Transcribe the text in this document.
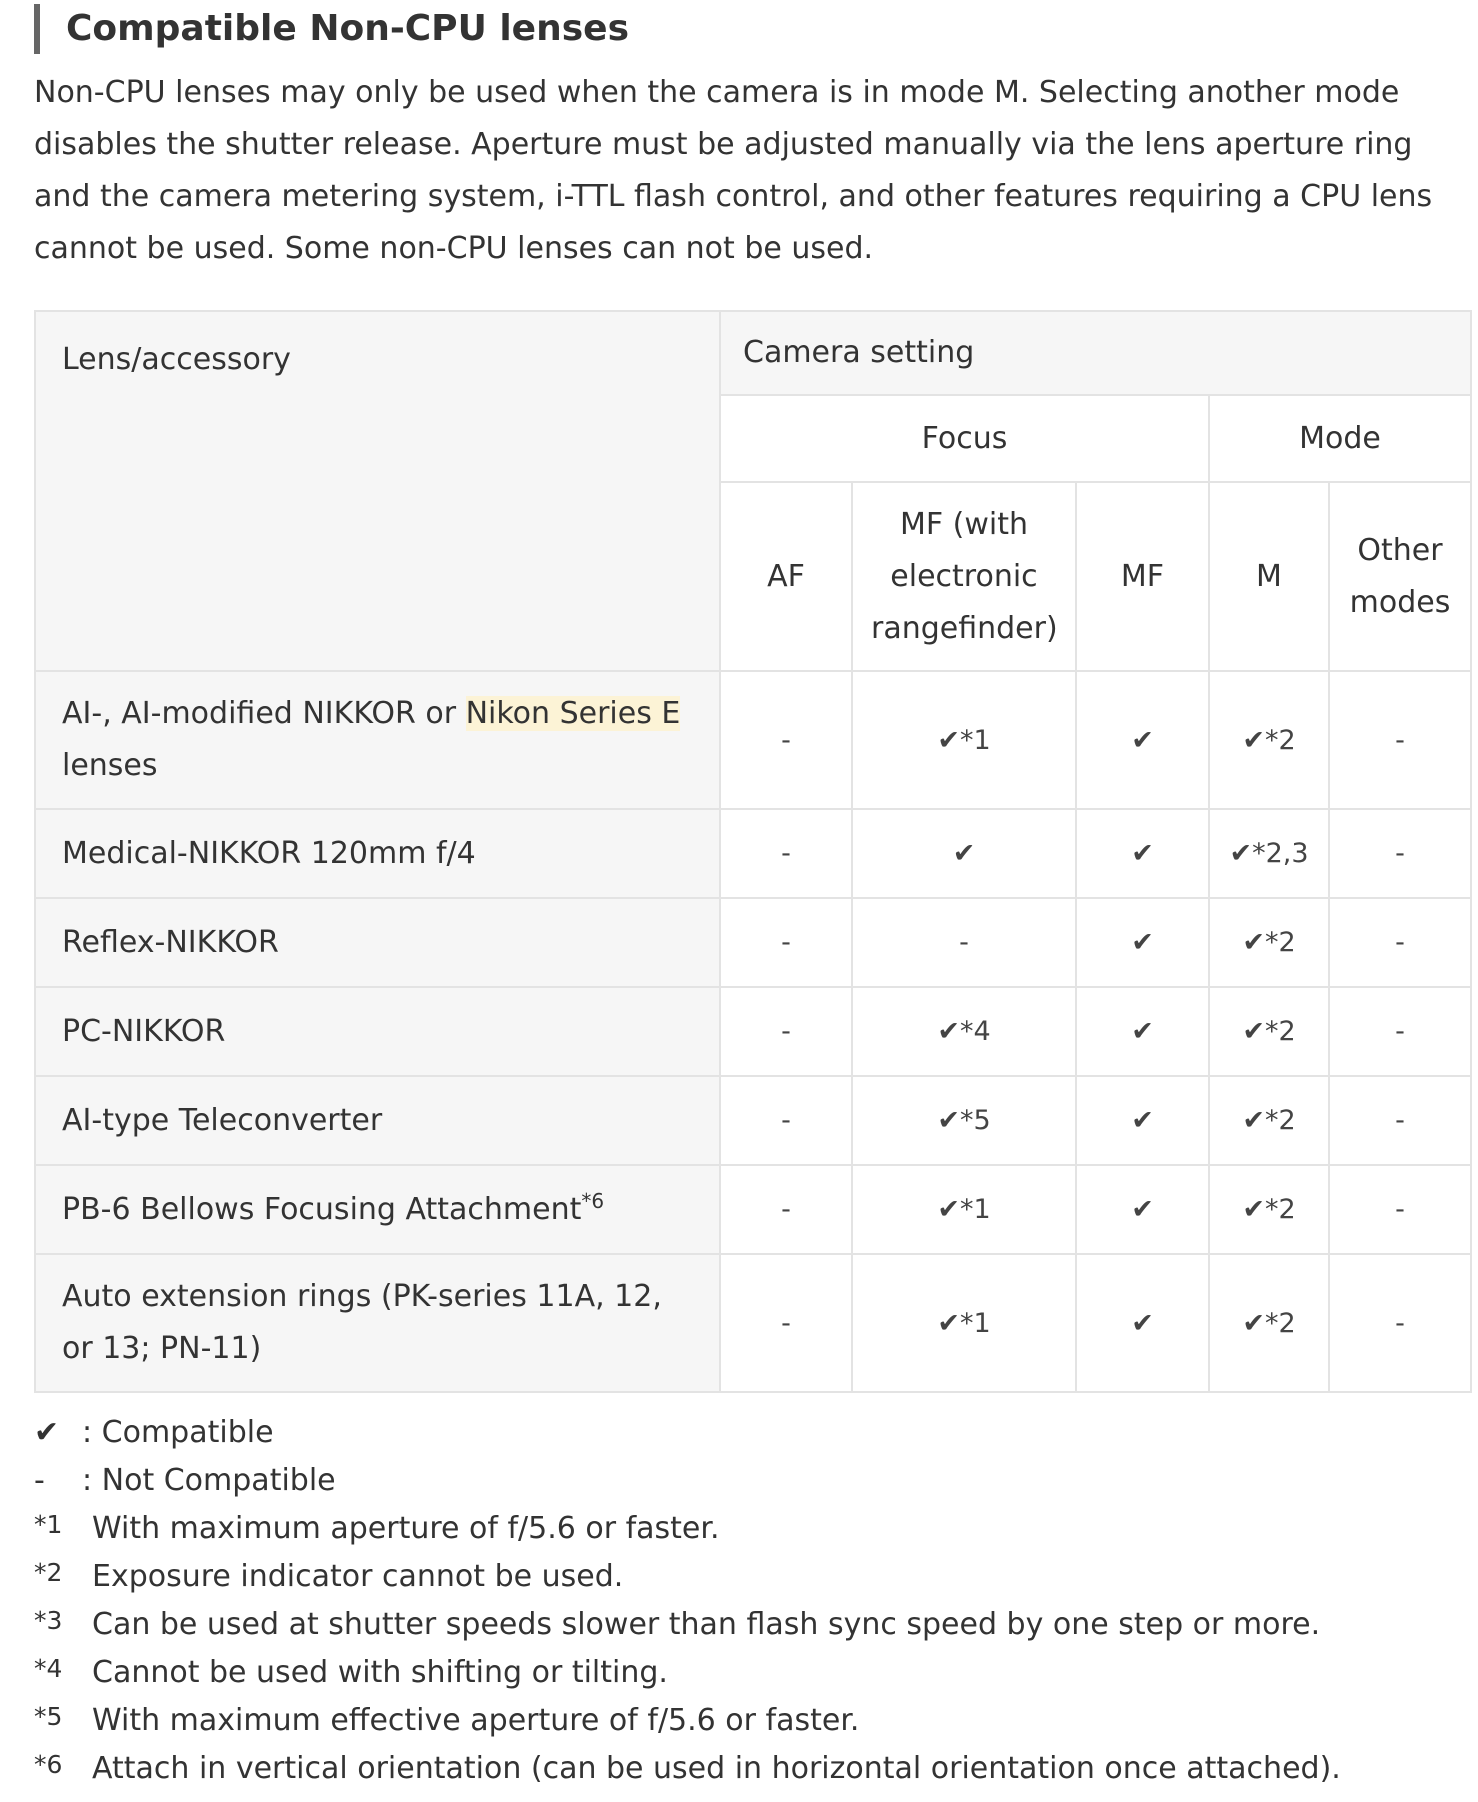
Compatible Non-CPU lenses

Non-CPU lenses may only be used when the camera is in mode M. Selecting another mode disables the shutter release. Aperture must be adjusted manually via the lens aperture ring and the camera metering system, i-TTL flash control, and other features requiring a CPU lens cannot be used. Some non-CPU lenses can not be used.

Lens/accessory	Camera setting				
	Focus			Mode	
	AF	MF (with electronic rangefinder)	MF	M	Other modes
AI-, AI-modified NIKKOR or Nikon Series E lenses	-	✔*1	✔	✔*2	-
Medical-NIKKOR 120mm f/4	-	✔	✔	✔*2,3	-
Reflex-NIKKOR	-	-	✔	✔*2	-
PC-NIKKOR	-	✔*4	✔	✔*2	-
AI-type Teleconverter	-	✔*5	✔	✔*2	-
PB-6 Bellows Focusing Attachment$^{*6}$	-	✔*1	✔	✔*2	-
Auto extension rings (PK-series 11A, 12, or 13; PN-11)	-	✔*1	✔	✔*2	-
✔ : Compatible
- : Not Compatible
*1 With maximum aperture of f/5.6 or faster.
*2 Exposure indicator cannot be used.
*3 Can be used at shutter speeds slower than flash sync speed by one step or more.
*4 Cannot be used with shifting or tilting.
*5 With maximum effective aperture of f/5.6 or faster.
*6 Attach in vertical orientation (can be used in horizontal orientation once attached).
